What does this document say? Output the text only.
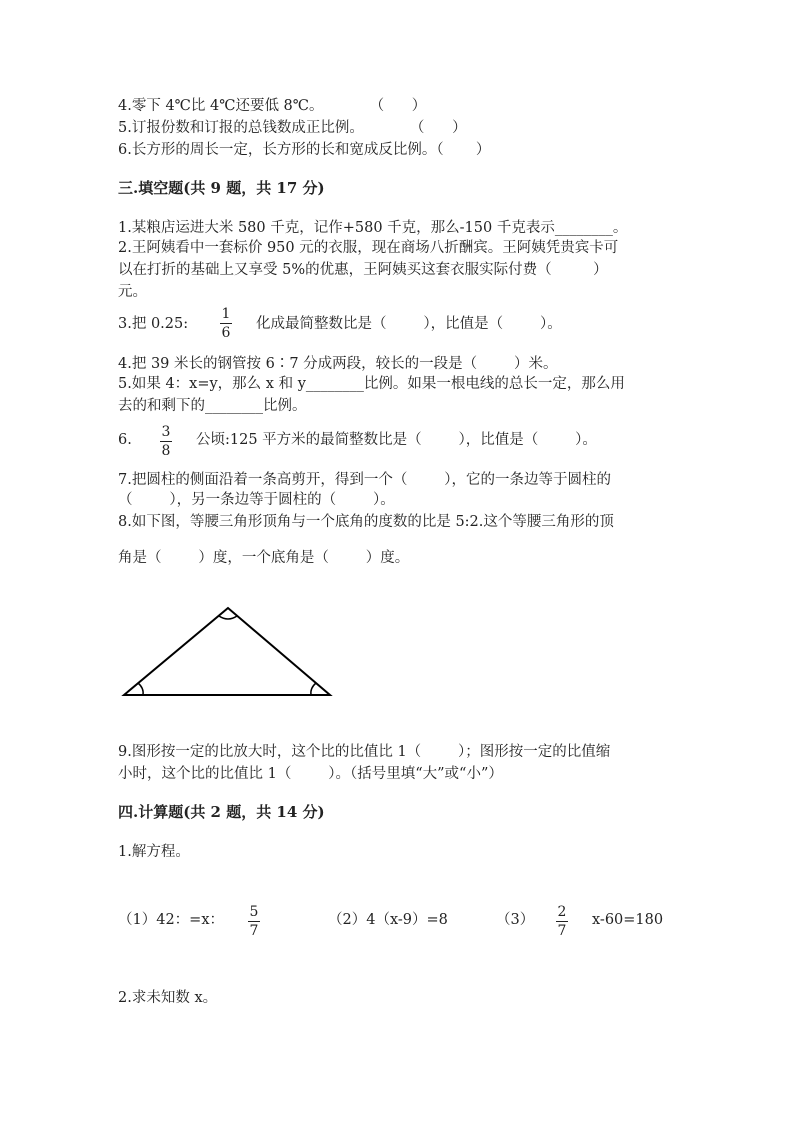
4.零下 4℃比 4℃还要低 8℃。          （      ）
5.订报份数和订报的总钱数成正比例。          （      ）
6.长方形的周长一定，长方形的长和宽成反比例。（       ）
三.填空题(共 9 题，共 17 分)
1.某粮店运进大米 580 千克，记作+580 千克，那么-150 千克表示________。
2.王阿姨看中一套标价 950 元的衣服，现在商场八折酬宾。王阿姨凭贵宾卡可
以在打折的基础上又享受 5%的优惠，王阿姨买这套衣服实际付费（         ）
元。
3.把 0.25:
1
6
化成最简整数比是（        ），比值是（        ）。
4.把 39 米长的钢管按 6∶7 分成两段，较长的一段是（        ）米。
5.如果 4：x=y，那么 x 和 y________比例。如果一根电线的总长一定，那么用
去的和剩下的________比例。
6. 3
8
公顷:125 平方米的最简整数比是（        ），比值是（        ）。
7.把圆柱的侧面沿着一条高剪开，得到一个（        ），它的一条边等于圆柱的
（        ），另一条边等于圆柱的（        ）。
8.如下图，等腰三角形顶角与一个底角的度数的比是 5:2.这个等腰三角形的顶
角是（        ）度，一个底角是（        ）度。
9.图形按一定的比放大时，这个比的比值比 1（        ）；图形按一定的比值缩
小时，这个比的比值比 1（        ）。（括号里填“大”或“小”）
四.计算题(共 2 题，共 14 分)
1.解方程。
（1）42：=x： 5
7
（2）4（x-9）=8	（3） 2
7
x-60=180
2.求未知数 x。
